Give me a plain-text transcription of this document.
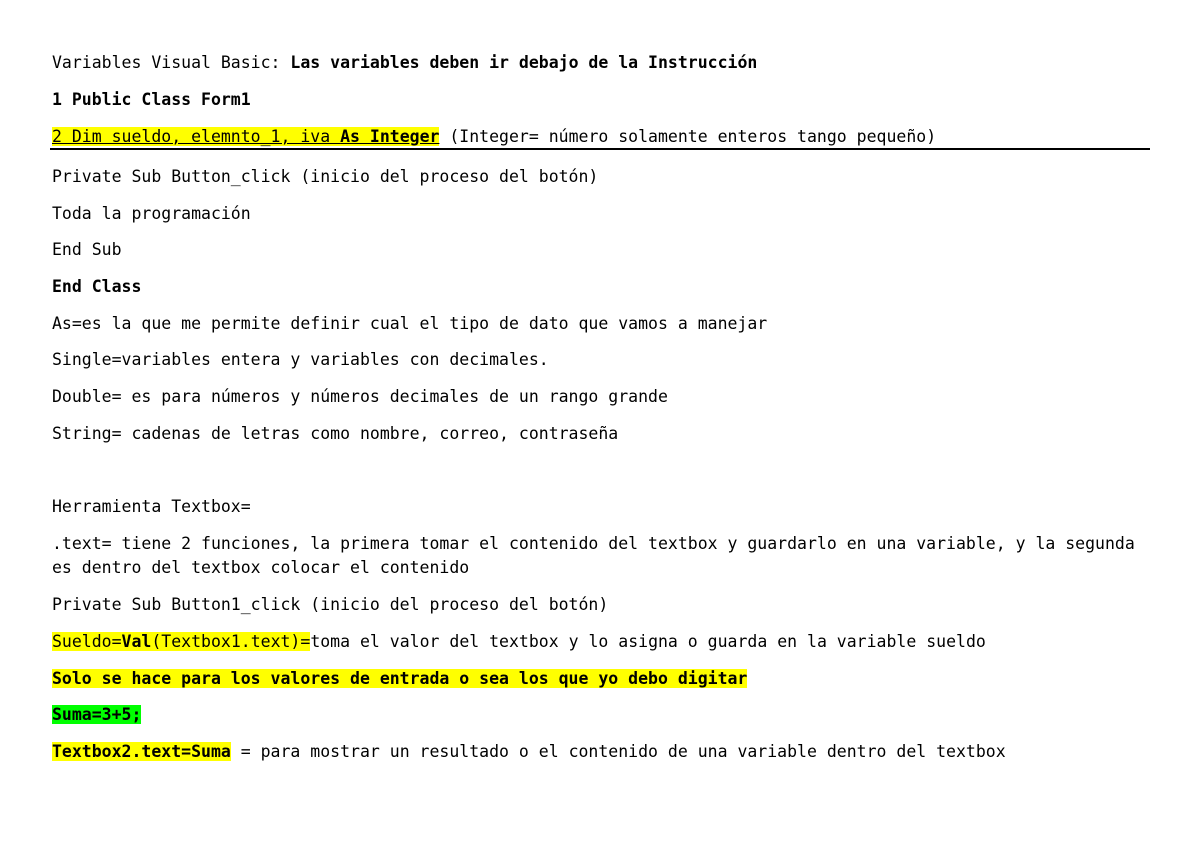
Variables Visual Basic: Las variables deben ir debajo de la Instrucción
1 Public Class Form1
2 Dim sueldo, elemnto_1, iva As Integer (Integer= número solamente enteros tango pequeño)
Private Sub Button_click (inicio del proceso del botón)
Toda la programación
End Sub
End Class
As=es la que me permite definir cual el tipo de dato que vamos a manejar
Single=variables entera y variables con decimales.
Double= es para números y números decimales de un rango grande
String= cadenas de letras como nombre, correo, contraseña
Herramienta Textbox=
.text= tiene 2 funciones, la primera tomar el contenido del textbox y guardarlo en una variable, y la segunda es dentro del textbox colocar el contenido
Private Sub Button1_click (inicio del proceso del botón)
Sueldo=Val(Textbox1.text)=toma el valor del textbox y lo asigna o guarda en la variable sueldo
Solo se hace para los valores de entrada o sea los que yo debo digitar
Suma=3+5;
Textbox2.text=Suma = para mostrar un resultado o el contenido de una variable dentro del textbox
